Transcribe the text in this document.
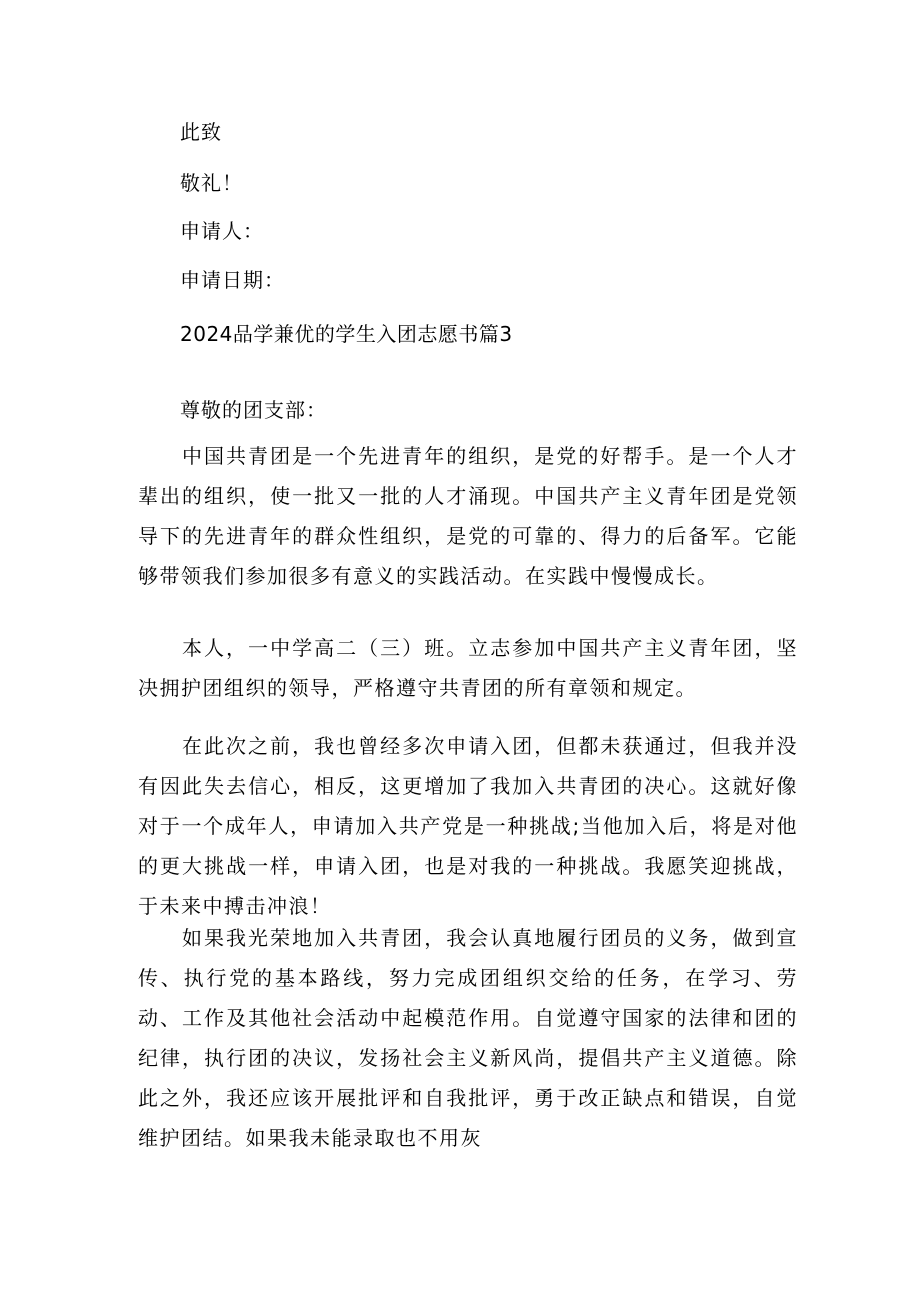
此致
敬礼！
申请人：
申请日期：
2024品学兼优的学生入团志愿书篇3
尊敬的团支部：

中国共青团是一个先进青年的组织，是党的好帮手。是一个人才辈出的组织，使一批又一批的人才涌现。中国共产主义青年团是党领导下的先进青年的群众性组织，是党的可靠的、得力的后备军。它能够带领我们参加很多有意义的实践活动。在实践中慢慢成长。

本人，一中学高二（三）班。立志参加中国共产主义青年团，坚决拥护团组织的领导，严格遵守共青团的所有章领和规定。

在此次之前，我也曾经多次申请入团，但都未获通过，但我并没有因此失去信心，相反，这更增加了我加入共青团的决心。这就好像对于一个成年人，申请加入共产党是一种挑战;当他加入后，将是对他的更大挑战一样，申请入团，也是对我的一种挑战。我愿笑迎挑战，于未来中搏击冲浪！

如果我光荣地加入共青团，我会认真地履行团员的义务，做到宣传、执行党的基本路线，努力完成团组织交给的任务，在学习、劳动、工作及其他社会活动中起模范作用。自觉遵守国家的法律和团的纪律，执行团的决议，发扬社会主义新风尚，提倡共产主义道德。除此之外，我还应该开展批评和自我批评，勇于改正缺点和错误，自觉维护团结。如果我未能录取也不用灰
